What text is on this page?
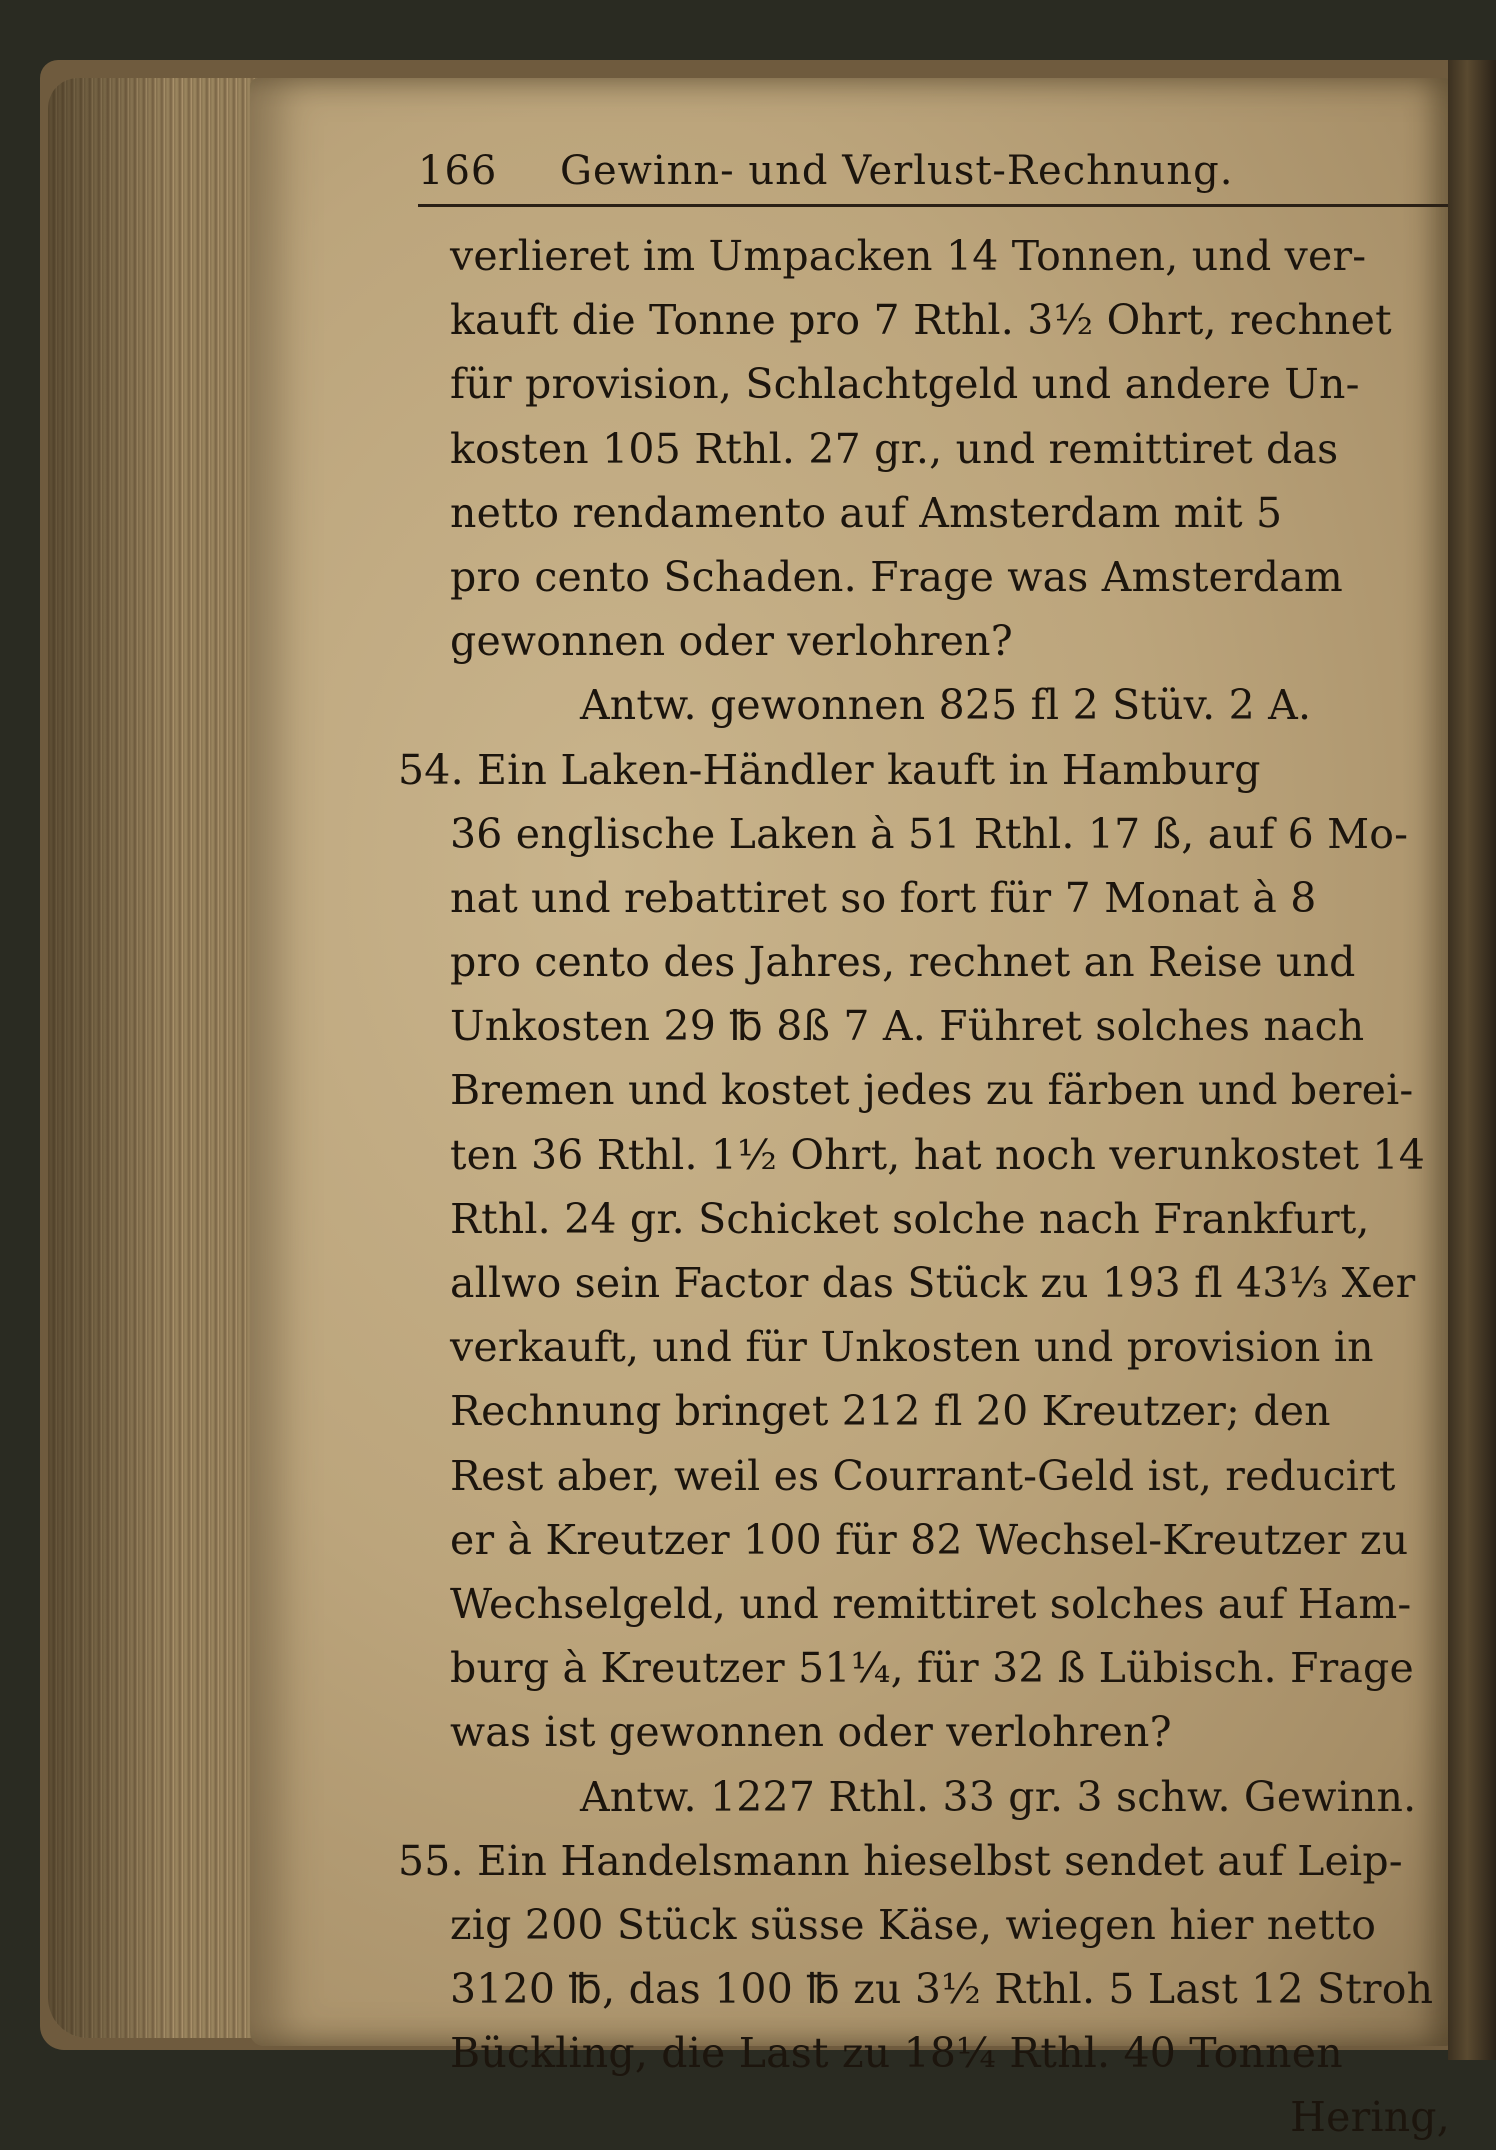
166 Gewinn- und Verlust-Rechnung.
verlieret im Umpacken 14 Tonnen, und ver-
kauft die Tonne pro 7 Rthl. 3½ Ohrt, rechnet
für provision, Schlachtgeld und andere Un-
kosten 105 Rthl. 27 gr., und remittiret das
netto rendamento auf Amsterdam mit 5
pro cento Schaden. Frage was Amsterdam
gewonnen oder verlohren?
Antw. gewonnen 825 fl 2 Stüv. 2 A.
54. Ein Laken-Händler kauft in Hamburg
36 englische Laken à 51 Rthl. 17 ß, auf 6 Mo-
nat und rebattiret so fort für 7 Monat à 8
pro cento des Jahres, rechnet an Reise und
Unkosten 29 ℔ 8ß 7 A. Führet solches nach
Bremen und kostet jedes zu färben und berei-
ten 36 Rthl. 1½ Ohrt, hat noch verunkostet 14
Rthl. 24 gr. Schicket solche nach Frankfurt,
allwo sein Factor das Stück zu 193 fl 43⅓ Xer
verkauft, und für Unkosten und provision in
Rechnung bringet 212 fl 20 Kreutzer; den
Rest aber, weil es Courrant-Geld ist, reducirt
er à Kreutzer 100 für 82 Wechsel-Kreutzer zu
Wechselgeld, und remittiret solches auf Ham-
burg à Kreutzer 51¼, für 32 ß Lübisch. Frage
was ist gewonnen oder verlohren?
Antw. 1227 Rthl. 33 gr. 3 schw. Gewinn.
55. Ein Handelsmann hieselbst sendet auf Leip-
zig 200 Stück süsse Käse, wiegen hier netto
3120 ℔, das 100 ℔ zu 3½ Rthl. 5 Last 12 Stroh
Bückling, die Last zu 18¼ Rthl. 40 Tonnen
Hering,
